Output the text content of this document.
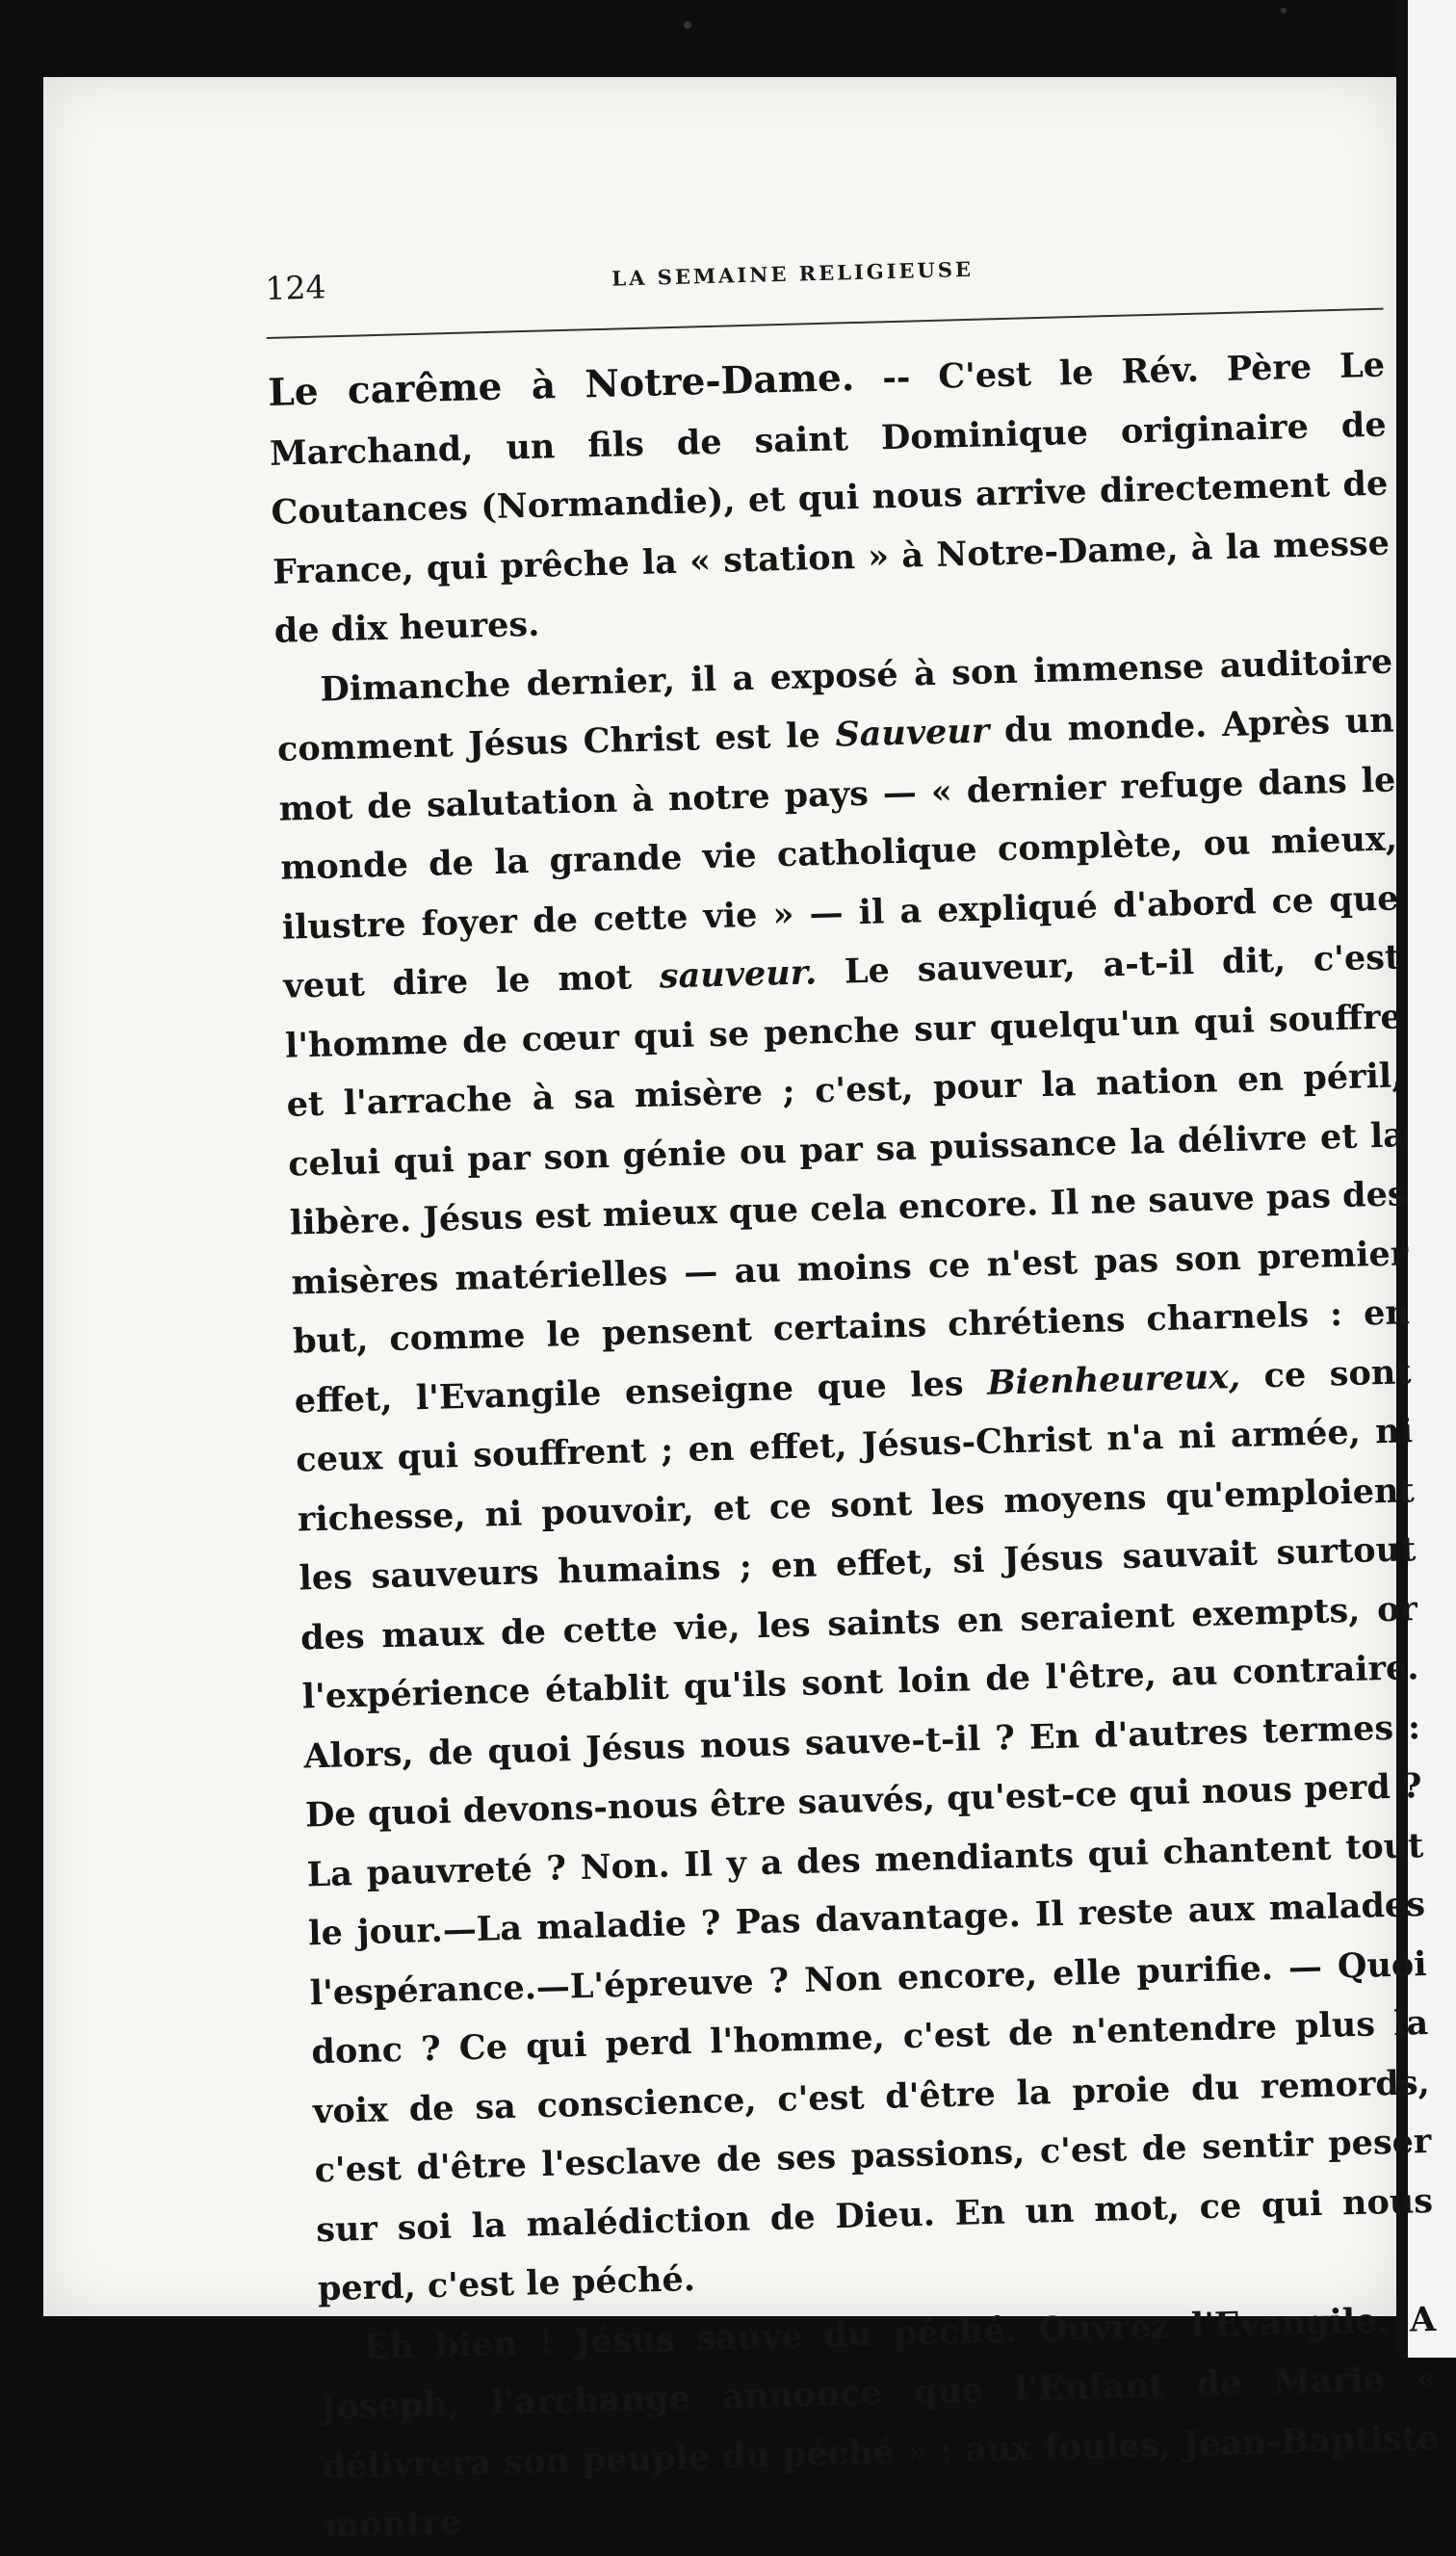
124	LA SEMAINE RELIGIEUSE

Le carême à Notre-Dame. -- C'est le Rév. Père Le Marchand, un fils de saint Dominique originaire de Coutances (Normandie), et qui nous arrive directement de France, qui prêche la « station » à Notre-Dame, à la messe de dix heures.

Dimanche dernier, il a exposé à son immense auditoire comment Jésus Christ est le Sauveur du monde. Après un mot de salutation à notre pays — « dernier refuge dans le monde de la grande vie catholique complète, ou mieux, ilustre foyer de cette vie » — il a expliqué d'abord ce que veut dire le mot sauveur. Le sauveur, a-t-il dit, c'est l'homme de cœur qui se penche sur quelqu'un qui souffre et l'arrache à sa misère ; c'est, pour la nation en péril, celui qui par son génie ou par sa puissance la délivre et la libère. Jésus est mieux que cela encore. Il ne sauve pas des misères matérielles — au moins ce n'est pas son premier but, comme le pensent certains chrétiens charnels : en effet, l'Evangile enseigne que les Bienheureux, ce sont ceux qui souffrent ; en effet, Jésus-Christ n'a ni armée, ni richesse, ni pouvoir, et ce sont les moyens qu'emploient les sauveurs humains ; en effet, si Jésus sauvait surtout des maux de cette vie, les saints en seraient exempts, or l'expérience établit qu'ils sont loin de l'être, au contraire. Alors, de quoi Jésus nous sauve-t-il ? En d'autres termes : De quoi devons-nous être sauvés, qu'est-ce qui nous perd ? La pauvreté ? Non. Il y a des mendiants qui chantent tout le jour.—La maladie ? Pas davantage. Il reste aux malades l'espérance.—L'épreuve ? Non encore, elle purifie. — Quoi donc ? Ce qui perd l'homme, c'est de n'entendre plus la voix de sa conscience, c'est d'être la proie du remords, c'est d'être l'esclave de ses passions, c'est de sentir peser sur soi la malédiction de Dieu. En un mot, ce qui nous perd, c'est le péché.

Eh bien ! Jésus sauve du péché. Ouvrez l'Evangile. A Joseph, l'archange annonce que l'Enfant de Marie « délivrera son peuple du péché » ; aux foules, Jean-Baptiste montre
